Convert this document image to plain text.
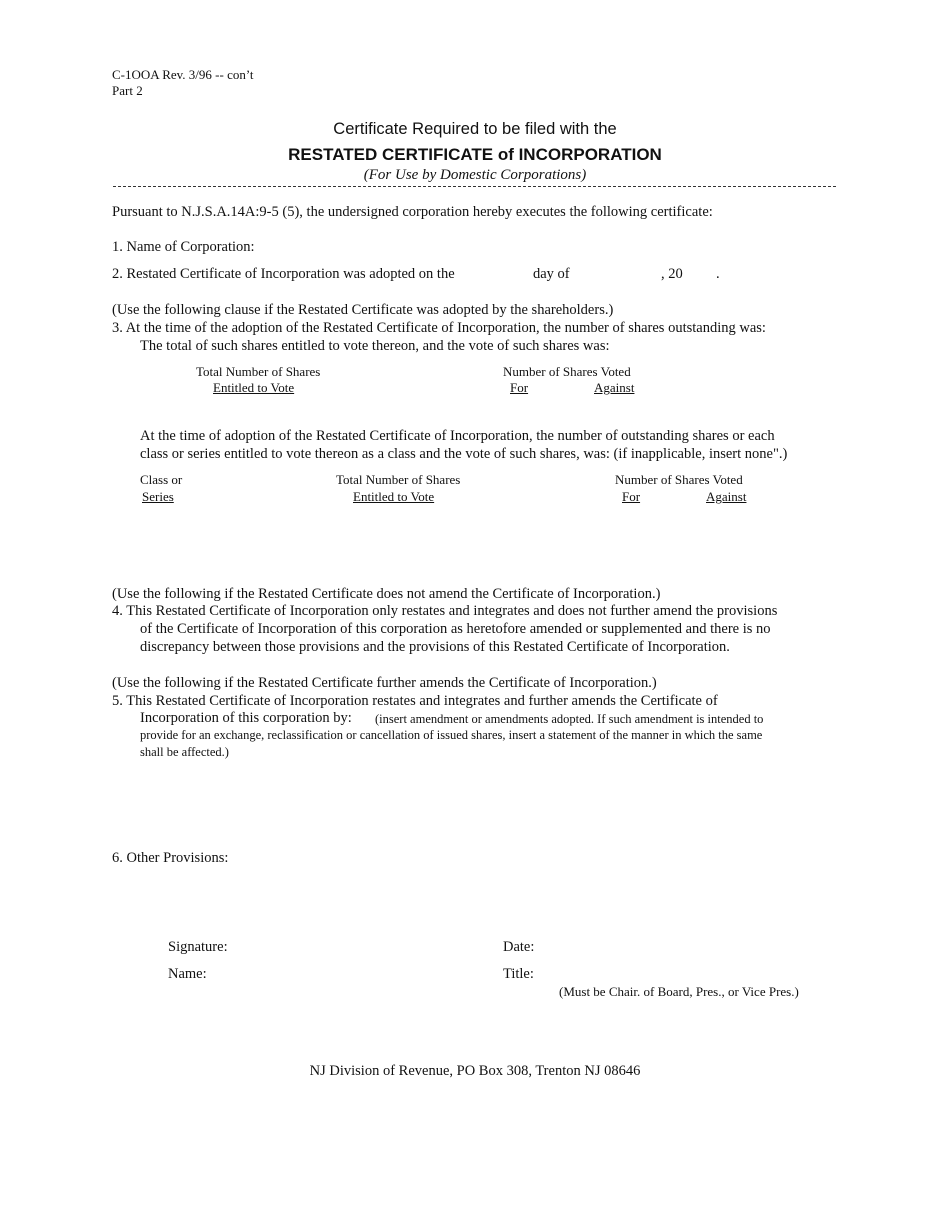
C-1OOA Rev. 3/96 -- con’t
Part 2
Certificate Required to be filed with the
RESTATED CERTIFICATE of INCORPORATION
(For Use by Domestic Corporations)
Pursuant to N.J.S.A.14A:9-5 (5), the undersigned corporation hereby executes the following certificate:
1. Name of Corporation:
2. Restated Certificate of Incorporation was adopted on the	day of	, 20 .
(Use the following clause if the Restated Certificate was adopted by the shareholders.)
3. At the time of the adoption of the Restated Certificate of Incorporation, the number of shares outstanding was:
The total of such shares entitled to vote thereon, and the vote of such shares was:
Total Number of Shares
Entitled to Vote
Number of Shares Voted
For	Against
At the time of adoption of the Restated Certificate of Incorporation, the number of outstanding shares or each
class or series entitled to vote thereon as a class and the vote of such shares, was: (if inapplicable, insert none".)
Class or
Series
Total Number of Shares
Entitled to Vote
Number of Shares Voted
For	Against
(Use the following if the Restated Certificate does not amend the Certificate of Incorporation.)
4. This Restated Certificate of Incorporation only restates and integrates and does not further amend the provisions
of the Certificate of Incorporation of this corporation as heretofore amended or supplemented and there is no
discrepancy between those provisions and the provisions of this Restated Certificate of Incorporation.
(Use the following if the Restated Certificate further amends the Certificate of Incorporation.)
5. This Restated Certificate of Incorporation restates and integrates and further amends the Certificate of
Incorporation of this corporation by: (insert amendment or amendments adopted. If such amendment is intended to
provide for an exchange, reclassification or cancellation of issued shares, insert a statement of the manner in which the same
shall be affected.)
6. Other Provisions:
Signature:	Date:
Name:	Title:
(Must be Chair. of Board, Pres., or Vice Pres.)
NJ Division of Revenue, PO Box 308, Trenton NJ 08646
